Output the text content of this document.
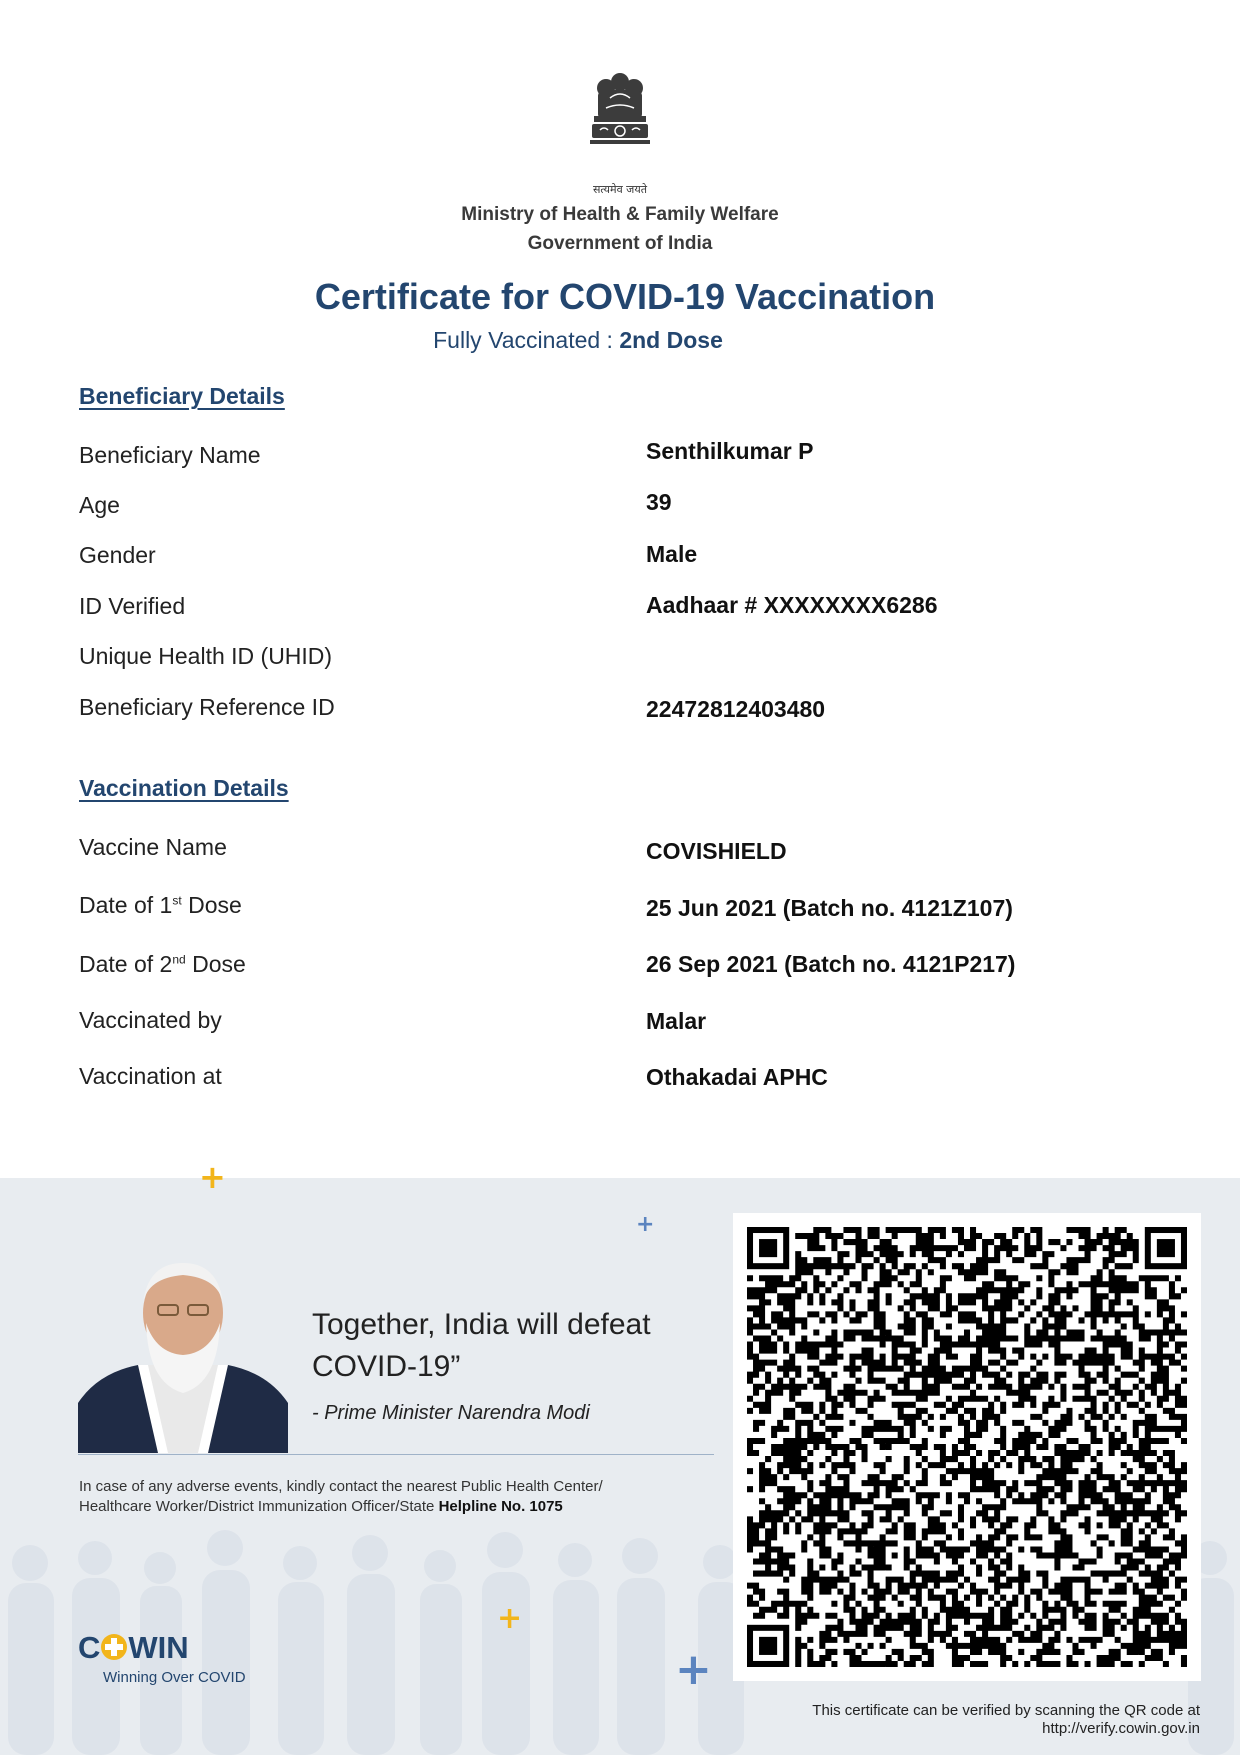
सत्यमेव जयते
Ministry of Health & Family Welfare
Government of India
Certificate for COVID-19 Vaccination
Fully Vaccinated : 2nd Dose
Beneficiary Details
Beneficiary Name	Senthilkumar P
Age	39
Gender	Male
ID Verified	Aadhaar # XXXXXXXX6286
Unique Health ID (UHID)
Beneficiary Reference ID	22472812403480
Vaccination Details
Vaccine Name	COVISHIELD
Date of 1st Dose	25 Jun 2021 (Batch no. 4121Z107)
Date of 2nd Dose	26 Sep 2021 (Batch no. 4121P217)
Vaccinated by	Malar
Vaccination at	Othakadai APHC
+
+
+
+
Together, India will defeat
COVID-19”
- Prime Minister Narendra Modi
In case of any adverse events, kindly contact the nearest Public Health Center/
Healthcare Worker/District Immunization Officer/State Helpline No. 1075
C WIN
Winning Over COVID
This certificate can be verified by scanning the QR code at
http://verify.cowin.gov.in
